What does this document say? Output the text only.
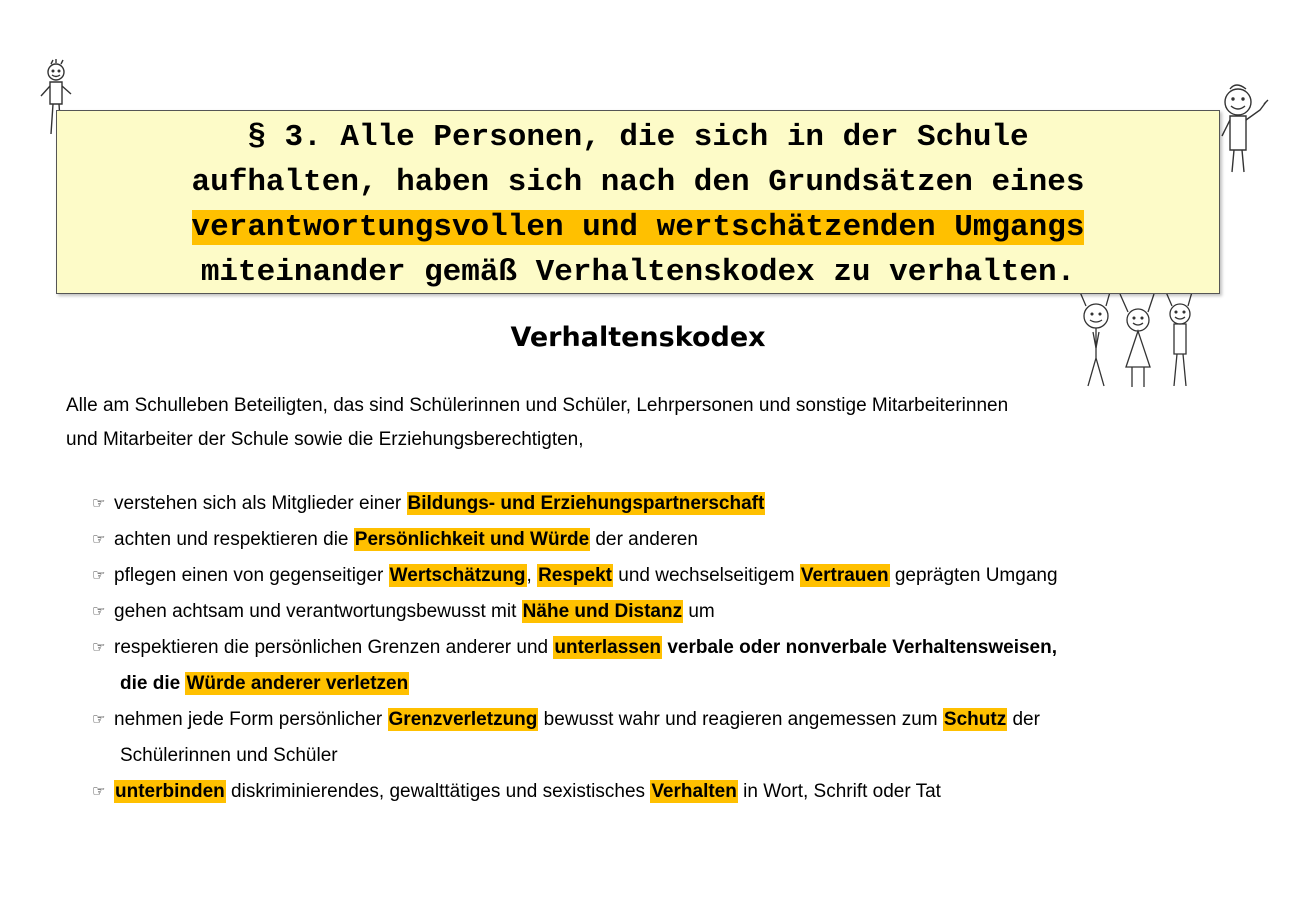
§ 3. Alle Personen, die sich in der Schule
aufhalten, haben sich nach den Grundsätzen eines
verantwortungsvollen und wertschätzenden Umgangs
miteinander gemäß Verhaltenskodex zu verhalten.
Verhaltenskodex
Alle am Schulleben Beteiligten, das sind Schülerinnen und Schüler, Lehrpersonen und sonstige Mitarbeiterinnen
und Mitarbeiter der Schule sowie die Erziehungsberechtigten,
☞ verstehen sich als Mitglieder einer Bildungs- und Erziehungspartnerschaft
☞ achten und respektieren die Persönlichkeit und Würde der anderen
☞ pflegen einen von gegenseitiger Wertschätzung, Respekt und wechselseitigem Vertrauen geprägten Umgang
☞ gehen achtsam und verantwortungsbewusst mit Nähe und Distanz um
☞ respektieren die persönlichen Grenzen anderer und unterlassen verbale oder nonverbale Verhaltensweisen,
die die Würde anderer verletzen
☞ nehmen jede Form persönlicher Grenzverletzung bewusst wahr und reagieren angemessen zum Schutz der
Schülerinnen und Schüler
☞ unterbinden diskriminierendes, gewalttätiges und sexistisches Verhalten in Wort, Schrift oder Tat
